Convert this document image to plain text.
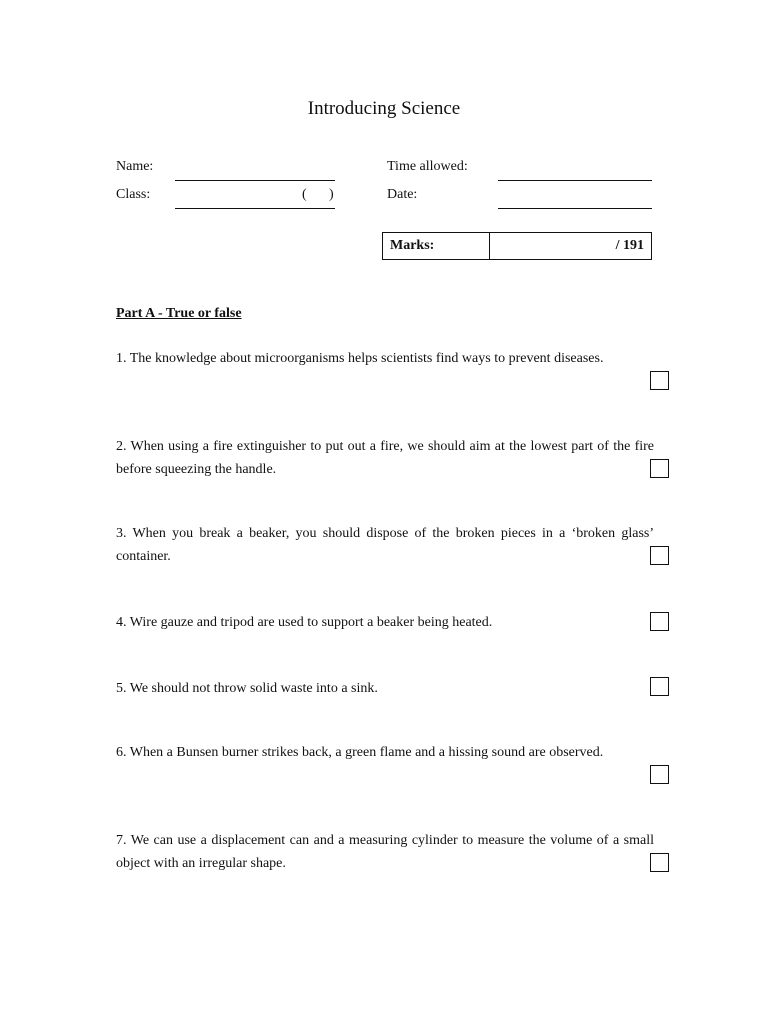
Introducing Science
Name:
Class:	( )
Time allowed:
Date:
Marks:	/ 191
Part A - True or false
1. The knowledge about microorganisms helps scientists find ways to prevent diseases.
2. When using a fire extinguisher to put out a fire, we should aim at the lowest part of the fire before squeezing the handle.
3. When you break a beaker, you should dispose of the broken pieces in a ‘broken glass’ container.
4. Wire gauze and tripod are used to support a beaker being heated.
5. We should not throw solid waste into a sink.
6. When a Bunsen burner strikes back, a green flame and a hissing sound are observed.
7. We can use a displacement can and a measuring cylinder to measure the volume of a small object with an irregular shape.
